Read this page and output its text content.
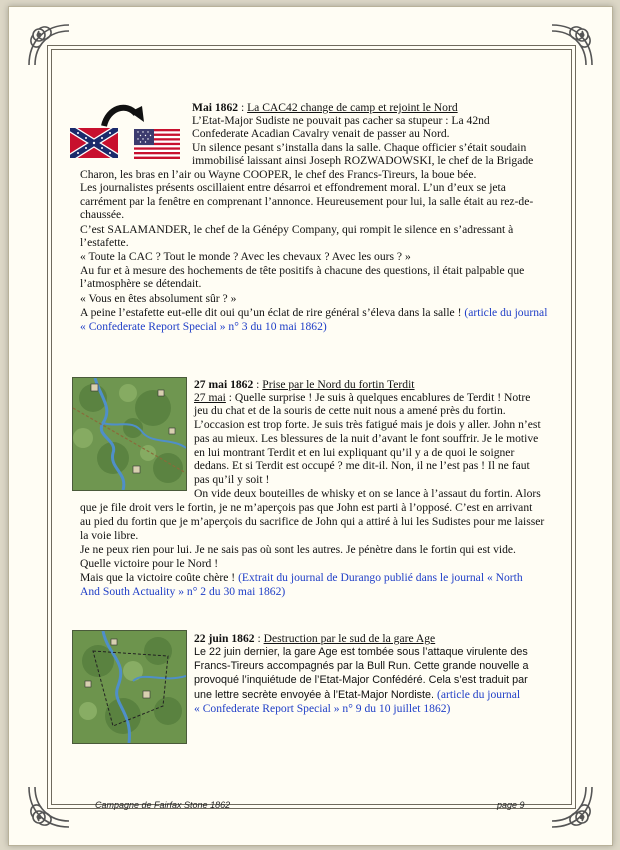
Mai 1862 : La CAC42 change de camp et rejoint le Nord
L’Etat-Major Sudiste ne pouvait pas cacher sa stupeur : La 42nd
Confederate Acadian Cavalry venait de passer au Nord.
Un silence pesant s’installa dans la salle. Chaque officier s’était soudain
immobilisé laissant ainsi Joseph ROZWADOWSKI, le chef de la Brigade
Charon, les bras en l’air ou Wayne COOPER, le chef des Francs-Tireurs, la boue bée.
Les journalistes présents oscillaient entre désarroi et effondrement moral. L’un d’eux se jeta
carrément par la fenêtre en comprenant l’annonce. Heureusement pour lui, la salle était au rez-de-
chaussée.
C’est SALAMANDER, le chef de la Génépy Company, qui rompit le silence en s’adressant à
l’estafette.
« Toute la CAC ? Tout le monde ? Avec les chevaux ? Avec les ours ? »
Au fur et à mesure des hochements de tête positifs à chacune des questions, il était palpable que
l’atmosphère se détendait.
« Vous en êtes absolument sûr ? »
A peine l’estafette eut-elle dit oui qu’un éclat de rire général s’éleva dans la salle ! (article du journal
« Confederate Report Special » n° 3 du 10 mai 1862)
27 mai 1862 : Prise par le Nord du fortin Terdit
27 mai : Quelle surprise ! Je suis à quelques encablures de Terdit ! Notre
jeu du chat et de la souris de cette nuit nous a amené près du fortin.
L’occasion est trop forte. Je suis très fatigué mais je dois y aller. John n’est
pas au mieux. Les blessures de la nuit d’avant le font souffrir. Je le motive
en lui montrant Terdit et en lui expliquant qu’il y a de quoi le soigner
dedans. Et si Terdit est occupé ? me dit-il. Non, il ne l’est pas ! Il ne faut
pas qu’il y soit !
On vide deux bouteilles de whisky et on se lance à l’assaut du fortin. Alors
que je file droit vers le fortin, je ne m’aperçois pas que John est parti à l’opposé. C’est en arrivant
au pied du fortin que je m’aperçois du sacrifice de John qui a attiré à lui les Sudistes pour me laisser
la voie libre.
Je ne peux rien pour lui. Je ne sais pas où sont les autres. Je pénètre dans le fortin qui est vide.
Quelle victoire pour le Nord !
Mais que la victoire coûte chère ! (Extrait du journal de Durango publié dans le journal « North
And South Actuality » n° 2 du 30 mai 1862)
22 juin 1862 : Destruction par le sud de la gare Age
Le 22 juin dernier, la gare Age est tombée sous l’attaque virulente des
Francs-Tireurs accompagnés par la Bull Run. Cette grande nouvelle a
provoqué l’inquiétude de l’Etat-Major Confédéré. Cela s’est traduit par
une lettre secrète envoyée à l’Etat-Major Nordiste. (article du journal
« Confederate Report Special » n° 9 du 10 juillet 1862)
Campagne de Fairfax Stone 1862	page 9
